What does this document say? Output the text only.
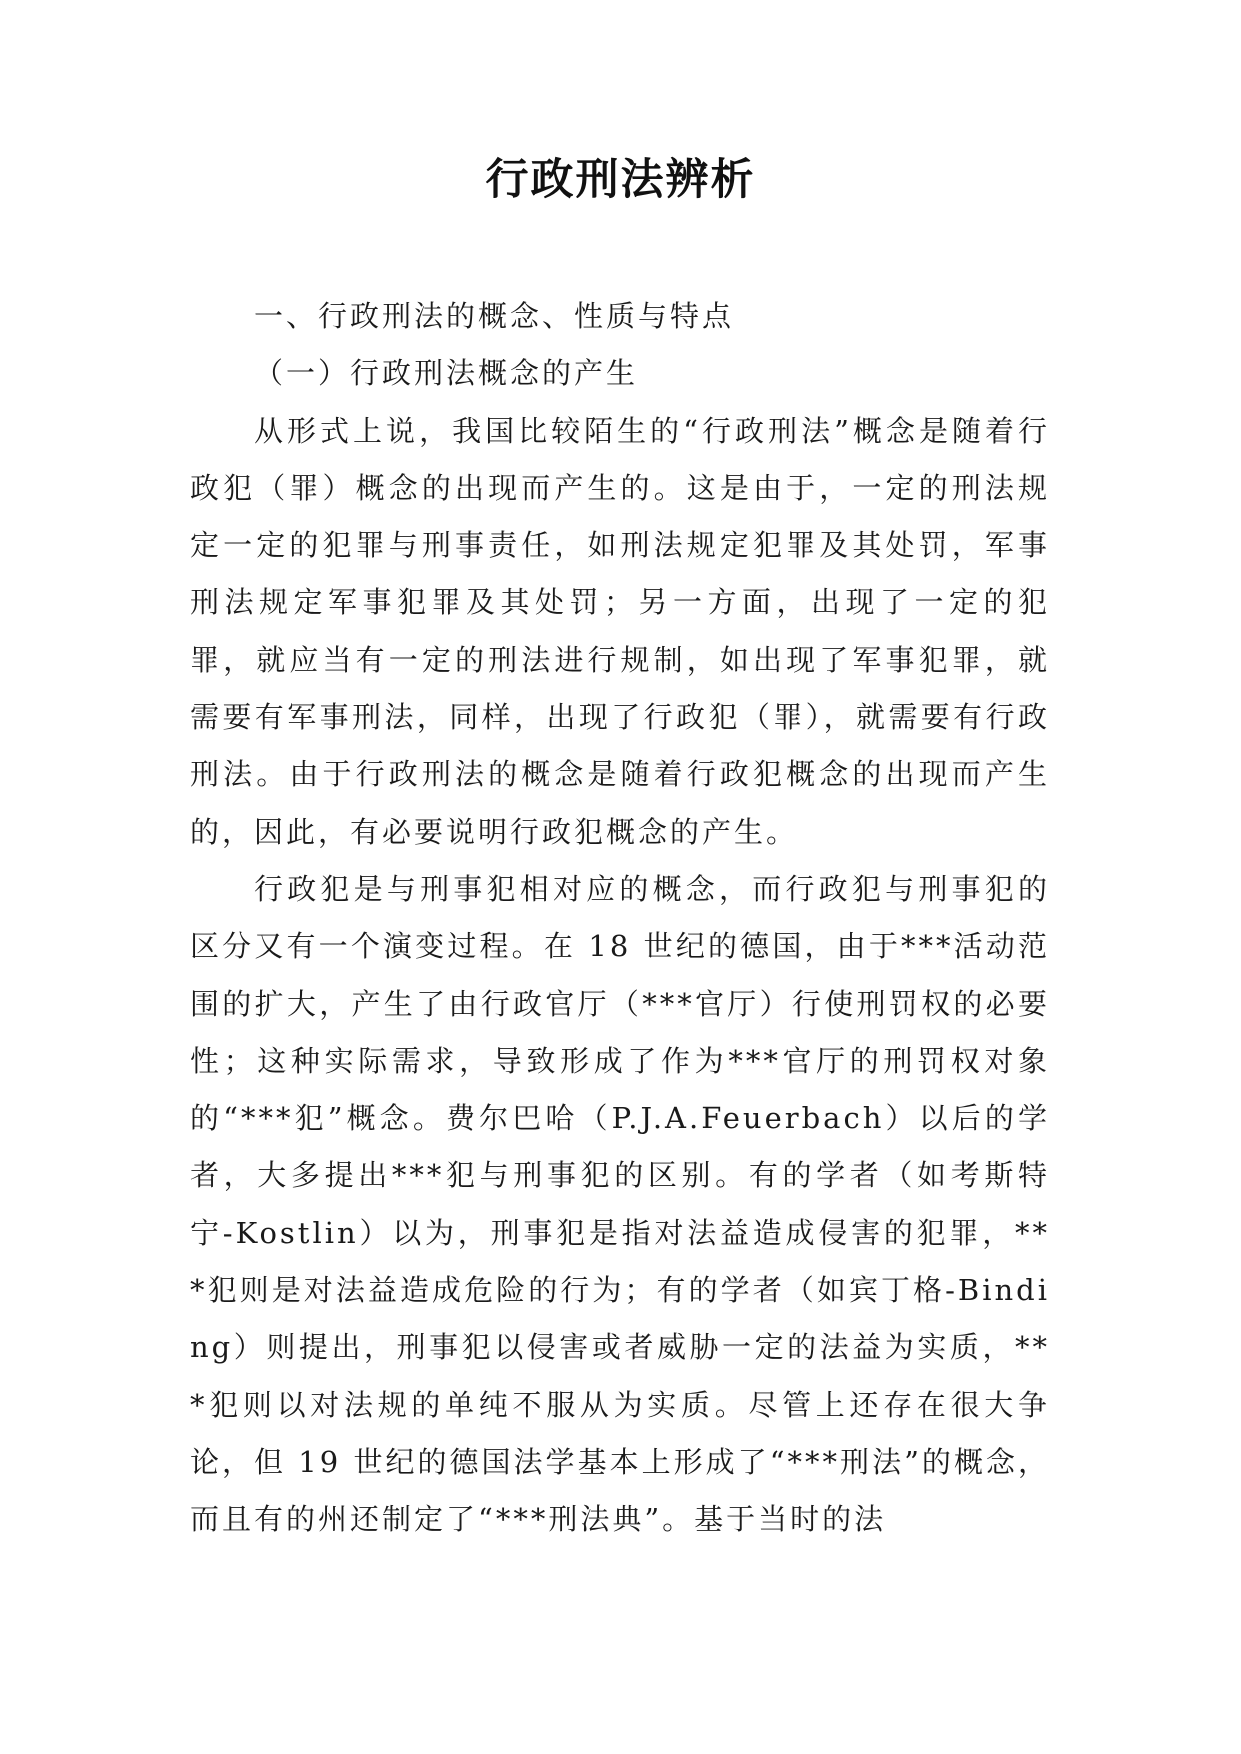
行政刑法辨析

一、行政刑法的概念、性质与特点

（一）行政刑法概念的产生

从形式上说，我国比较陌生的“行政刑法”概念是随着行政犯（罪）概念的出现而产生的。这是由于，一定的刑法规定一定的犯罪与刑事责任，如刑法规定犯罪及其处罚，军事刑法规定军事犯罪及其处罚；另一方面，出现了一定的犯罪，就应当有一定的刑法进行规制，如出现了军事犯罪，就需要有军事刑法，同样，出现了行政犯（罪），就需要有行政刑法。由于行政刑法的概念是随着行政犯概念的出现而产生的，因此，有必要说明行政犯概念的产生。

行政犯是与刑事犯相对应的概念，而行政犯与刑事犯的区分又有一个演变过程。在 18 世纪的德国，由于***活动范围的扩大，产生了由行政官厅（***官厅）行使刑罚权的必要性；这种实际需求，导致形成了作为***官厅的刑罚权对象的“***犯”概念。费尔巴哈（P.J.A.Feuerbach）以后的学者，大多提出***犯与刑事犯的区别。有的学者（如考斯特宁-Kostlin）以为，刑事犯是指对法益造成侵害的犯罪，***犯则是对法益造成危险的行为；有的学者（如宾丁格-Binding）则提出，刑事犯以侵害或者威胁一定的法益为实质，***犯则以对法规的单纯不服从为实质。尽管上还存在很大争论，但 19 世纪的德国法学基本上形成了“***刑法”的概念，而且有的州还制定了“***刑法典”。基于当时的法
